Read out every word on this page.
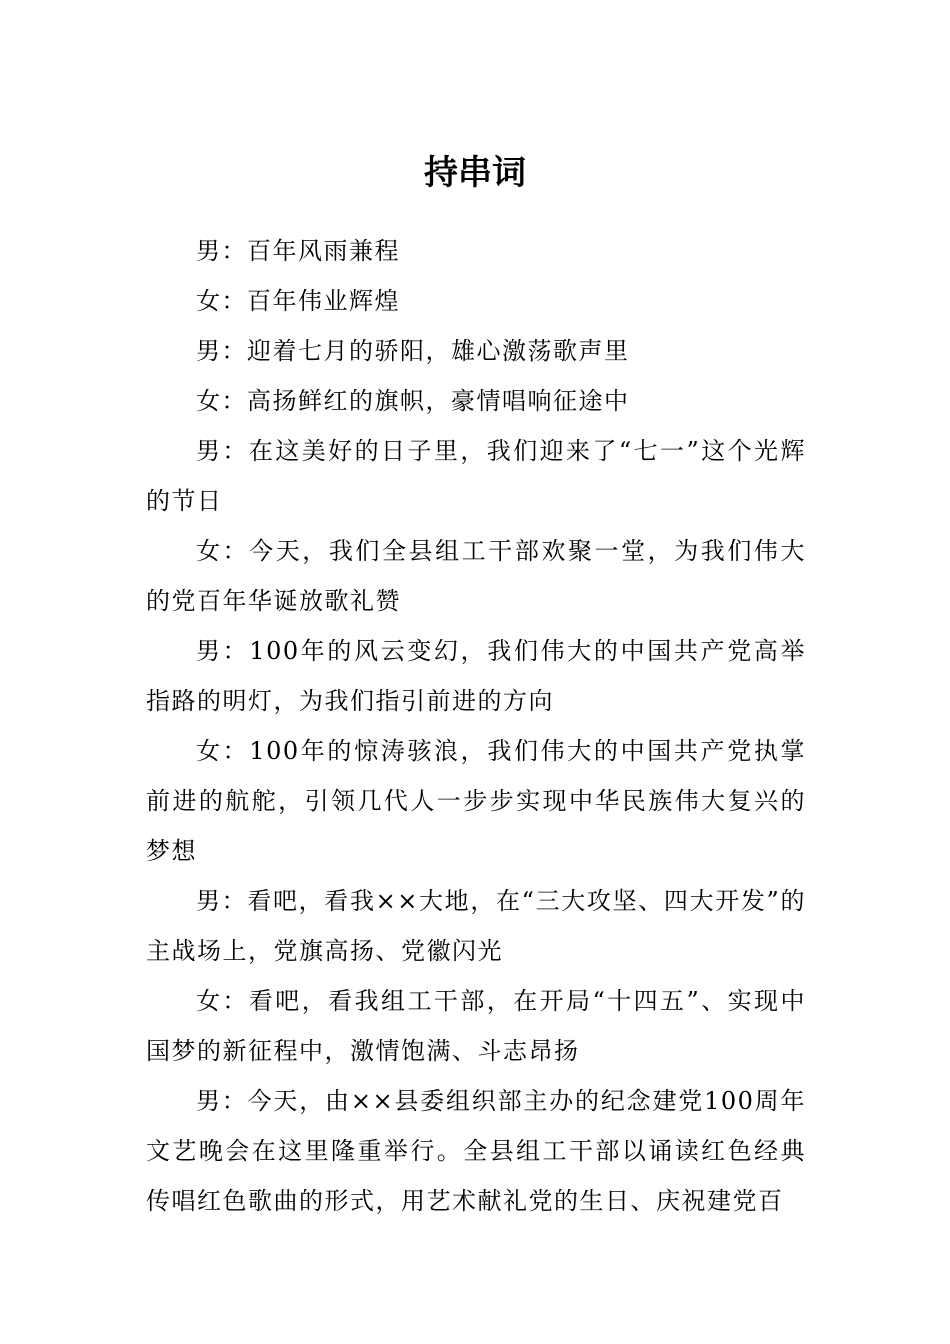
持串词

男：百年风雨兼程

女：百年伟业辉煌

男：迎着七月的骄阳，雄心激荡歌声里

女：高扬鲜红的旗帜，豪情唱响征途中

男：在这美好的日子里，我们迎来了“七一”这个光辉的节日

女：今天，我们全县组工干部欢聚一堂，为我们伟大的党百年华诞放歌礼赞

男：100年的风云变幻，我们伟大的中国共产党高举指路的明灯，为我们指引前进的方向

女：100年的惊涛骇浪，我们伟大的中国共产党执掌前进的航舵，引领几代人一步步实现中华民族伟大复兴的梦想

男：看吧，看我××大地，在“三大攻坚、四大开发”的主战场上，党旗高扬、党徽闪光

女：看吧，看我组工干部，在开局“十四五”、实现中国梦的新征程中，激情饱满、斗志昂扬

男：今天，由××县委组织部主办的纪念建党100周年文艺晚会在这里隆重举行。全县组工干部以诵读红色经典传唱红色歌曲的形式，用艺术献礼党的生日、庆祝建党百
